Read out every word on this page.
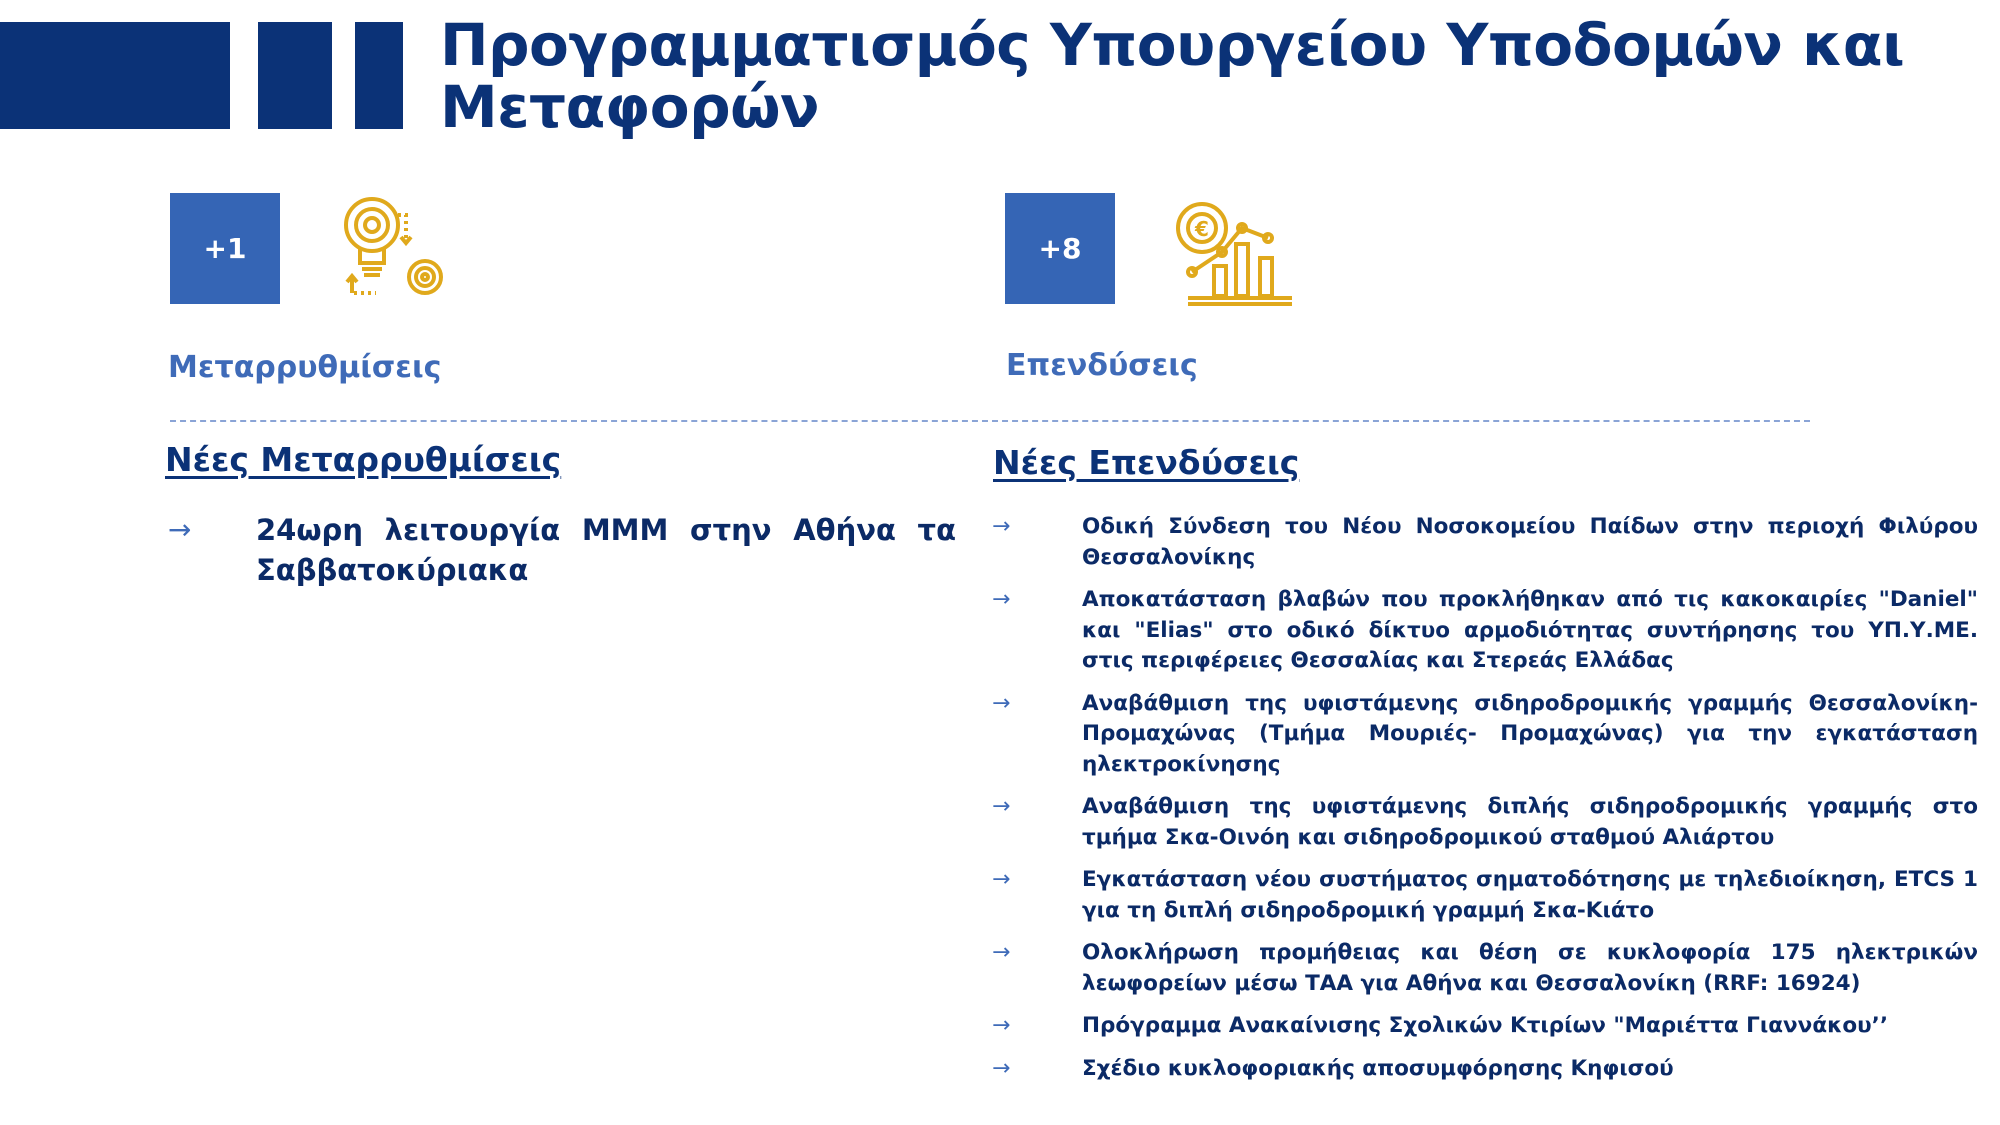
Προγραμματισμός Υπουργείου Υποδομών και Μεταφορών
+1
Μεταρρυθμίσεις
+8
€
Επενδύσεις
Νέες Μεταρρυθμίσεις
→	24ωρη λειτουργία ΜΜΜ στην Αθήνα τα Σαββατοκύριακα
Νέες Επενδύσεις
→	Οδική Σύνδεση του Νέου Νοσοκομείου Παίδων στην περιοχή Φιλύρου Θεσσαλονίκης
→	Αποκατάσταση βλαβών που προκλήθηκαν από τις κακοκαιρίες "Daniel" και "Elias" στο οδικό δίκτυο αρμοδιότητας συντήρησης του ΥΠ.Υ.ΜΕ. στις περιφέρειες Θεσσαλίας και Στερεάς Ελλάδας
→	Αναβάθμιση της υφιστάμενης σιδηροδρομικής γραμμής Θεσσαλονίκη-Προμαχώνας (Τμήμα Μουριές- Προμαχώνας) για την εγκατάσταση ηλεκτροκίνησης
→	Αναβάθμιση της υφιστάμενης διπλής σιδηροδρομικής γραμμής στο τμήμα Σκα-Οινόη και σιδηροδρομικού σταθμού Αλιάρτου
→	Εγκατάσταση νέου συστήματος σηματοδότησης με τηλεδιοίκηση, ETCS 1 για τη διπλή σιδηροδρομική γραμμή Σκα-Κιάτο
→	Ολοκλήρωση προμήθειας και θέση σε κυκλοφορία 175 ηλεκτρικών λεωφορείων μέσω ΤΑΑ για Αθήνα και Θεσσαλονίκη (RRF: 16924)
→	Πρόγραμμα Ανακαίνισης Σχολικών Κτιρίων "Μαριέττα Γιαννάκου’’
→	Σχέδιο κυκλοφοριακής αποσυμφόρησης Κηφισού
